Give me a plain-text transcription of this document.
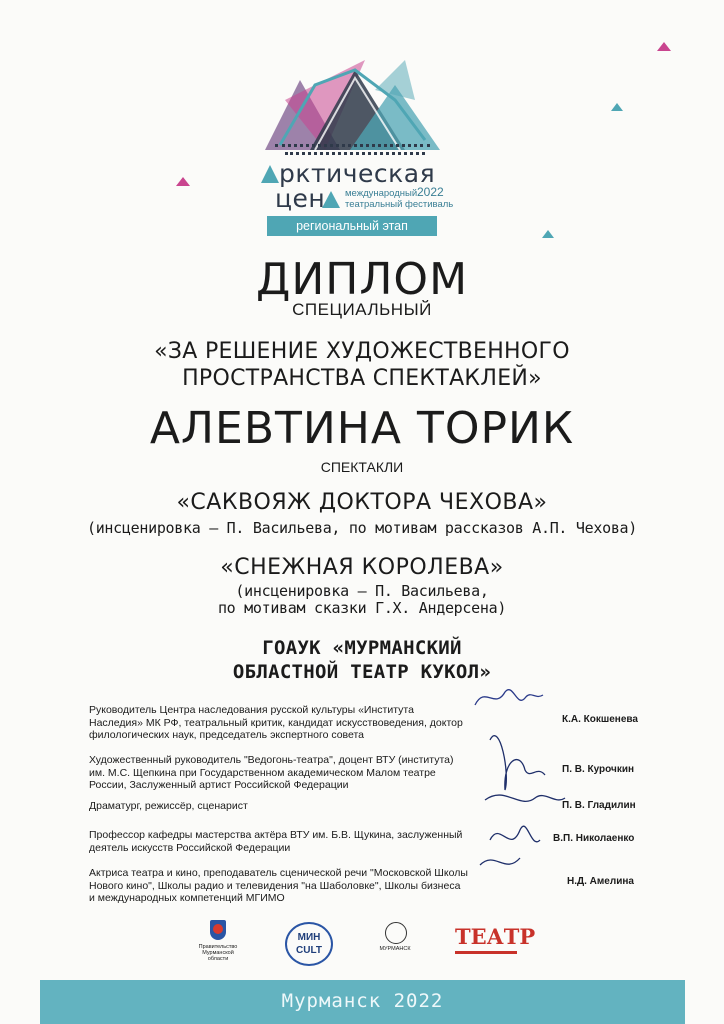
рктическая
цен международный 2022
театральный фестиваль
региональный этап
ДИПЛОМ
СПЕЦИАЛЬНЫЙ
«ЗА РЕШЕНИЕ ХУДОЖЕСТВЕННОГО
ПРОСТРАНСТВА СПЕКТАКЛЕЙ»
АЛЕВТИНА ТОРИК
СПЕКТАКЛИ
«САКВОЯЖ ДОКТОРА ЧЕХОВА»
(инсценировка – П. Васильева, по мотивам рассказов А.П. Чехова)
«СНЕЖНАЯ КОРОЛЕВА»
(инсценировка – П. Васильева,
по мотивам сказки Г.Х. Андерсена)
ГОАУК «МУРМАНСКИЙ
ОБЛАСТНОЙ ТЕАТР КУКОЛ»
Руководитель Центра наследования русской культуры «Института Наследия» МК РФ, театральный критик, кандидат искусствоведения, доктор филологических наук, председатель экспертного совета
Художественный руководитель "Ведогонь-театра", доцент ВТУ (института) им. М.С. Щепкина при Государственном академическом Малом театре России, Заслуженный артист Российской Федерации
Драматург, режиссёр, сценарист
Профессор кафедры мастерства актёра ВТУ им. Б.В. Щукина, заслуженный деятель искусств Российской Федерации
Актриса театра и кино, преподаватель сценической речи "Московской Школы Нового кино", Школы радио и телевидения "на Шаболовке", Школы бизнеса и международных компетенций МГИМО
К.А. Кокшенева
П. В. Курочкин
П. В. Гладилин
В.П. Николаенко
Н.Д. Амелина
Правительство Мурманской области
МИН CULT	МУРМАНСК ТЕАТР
Мурманск 2022
